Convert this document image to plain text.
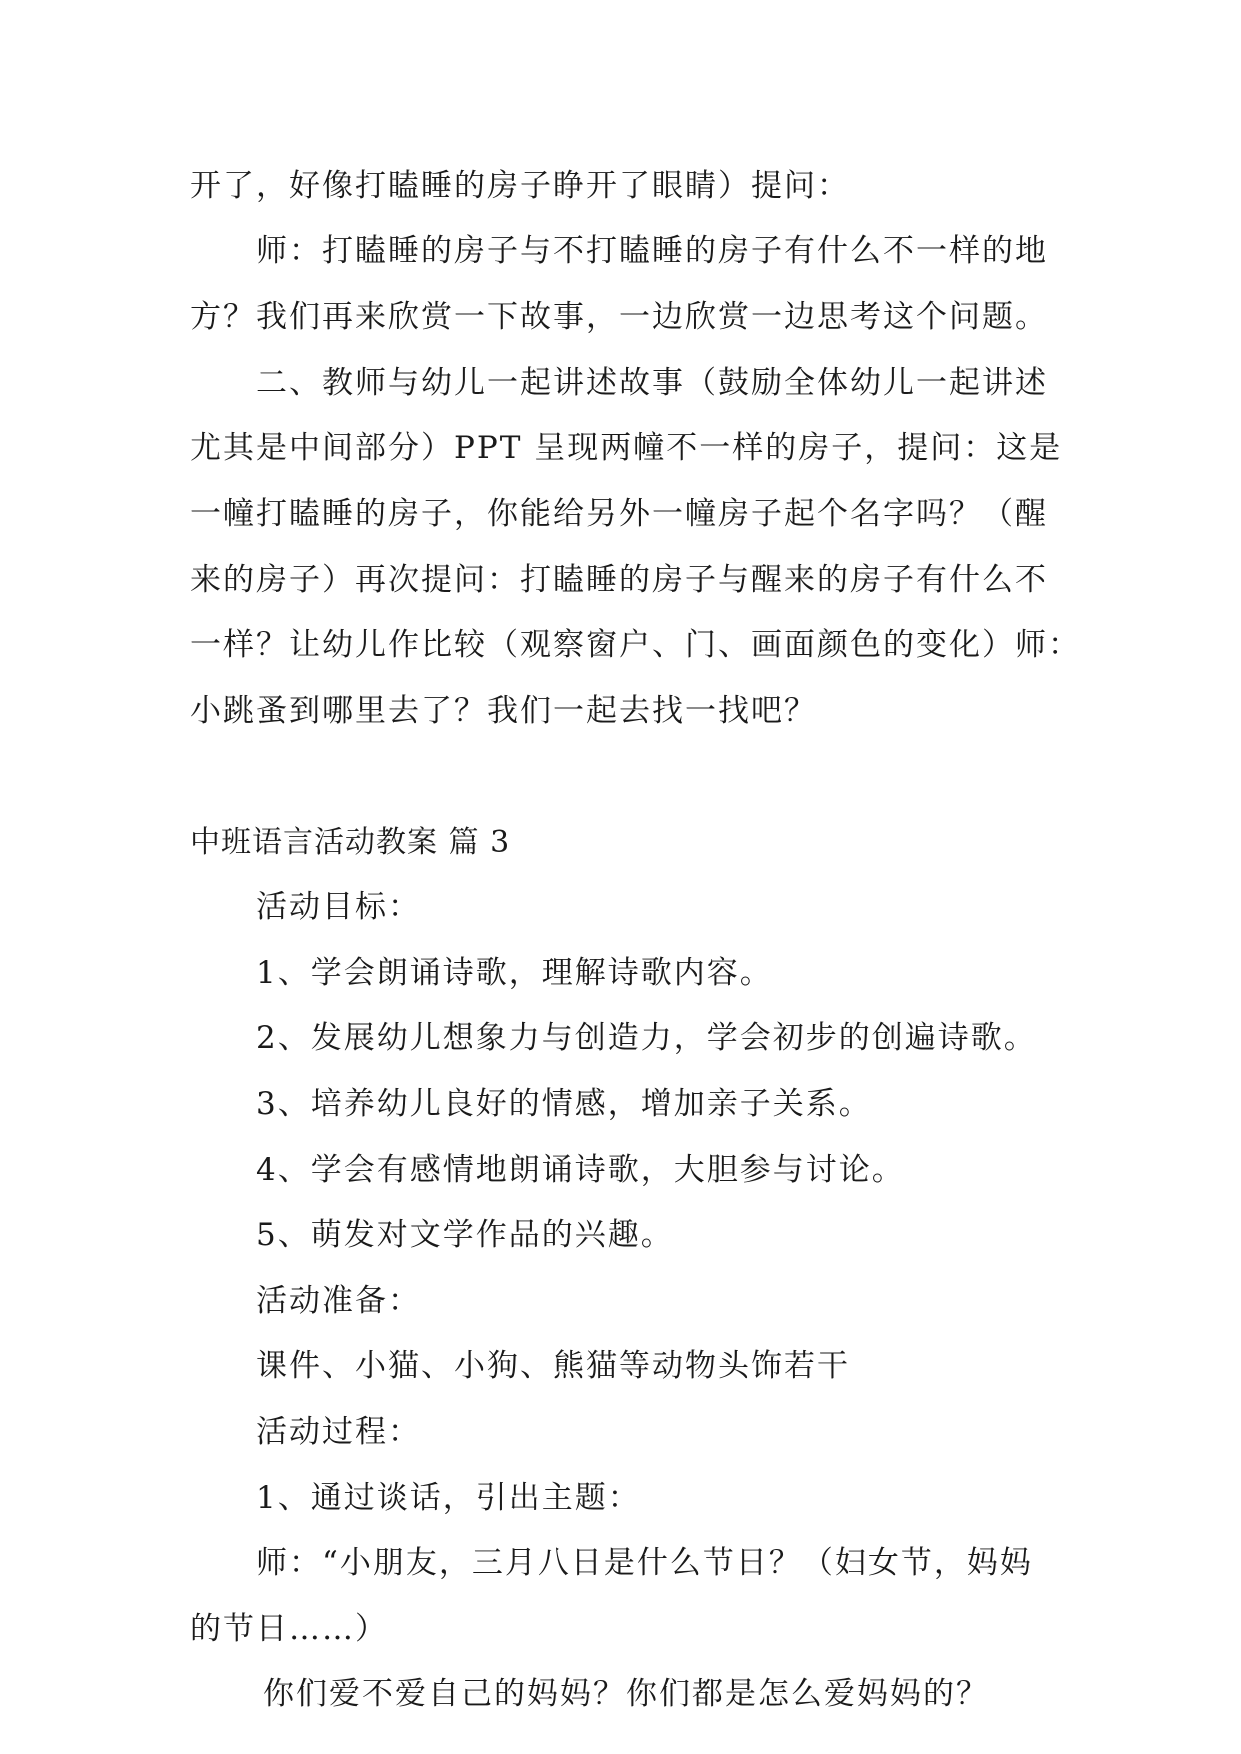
开了，好像打瞌睡的房子睁开了眼睛）提问：
师：打瞌睡的房子与不打瞌睡的房子有什么不一样的地
方？我们再来欣赏一下故事，一边欣赏一边思考这个问题。
二、教师与幼儿一起讲述故事（鼓励全体幼儿一起讲述
尤其是中间部分）PPT 呈现两幢不一样的房子，提问：这是
一幢打瞌睡的房子，你能给另外一幢房子起个名字吗？（醒
来的房子）再次提问：打瞌睡的房子与醒来的房子有什么不
一样？让幼儿作比较（观察窗户、门、画面颜色的变化）师：
小跳蚤到哪里去了？我们一起去找一找吧？
中班语言活动教案 篇 3
活动目标：
1、学会朗诵诗歌，理解诗歌内容。
2、发展幼儿想象力与创造力，学会初步的创遍诗歌。
3、培养幼儿良好的情感，增加亲子关系。
4、学会有感情地朗诵诗歌，大胆参与讨论。
5、萌发对文学作品的兴趣。
活动准备：
课件、小猫、小狗、熊猫等动物头饰若干
活动过程：
1、通过谈话，引出主题：
师：“小朋友，三月八日是什么节日？（妇女节，妈妈
的节日……）
你们爱不爱自己的妈妈？你们都是怎么爱妈妈的？
